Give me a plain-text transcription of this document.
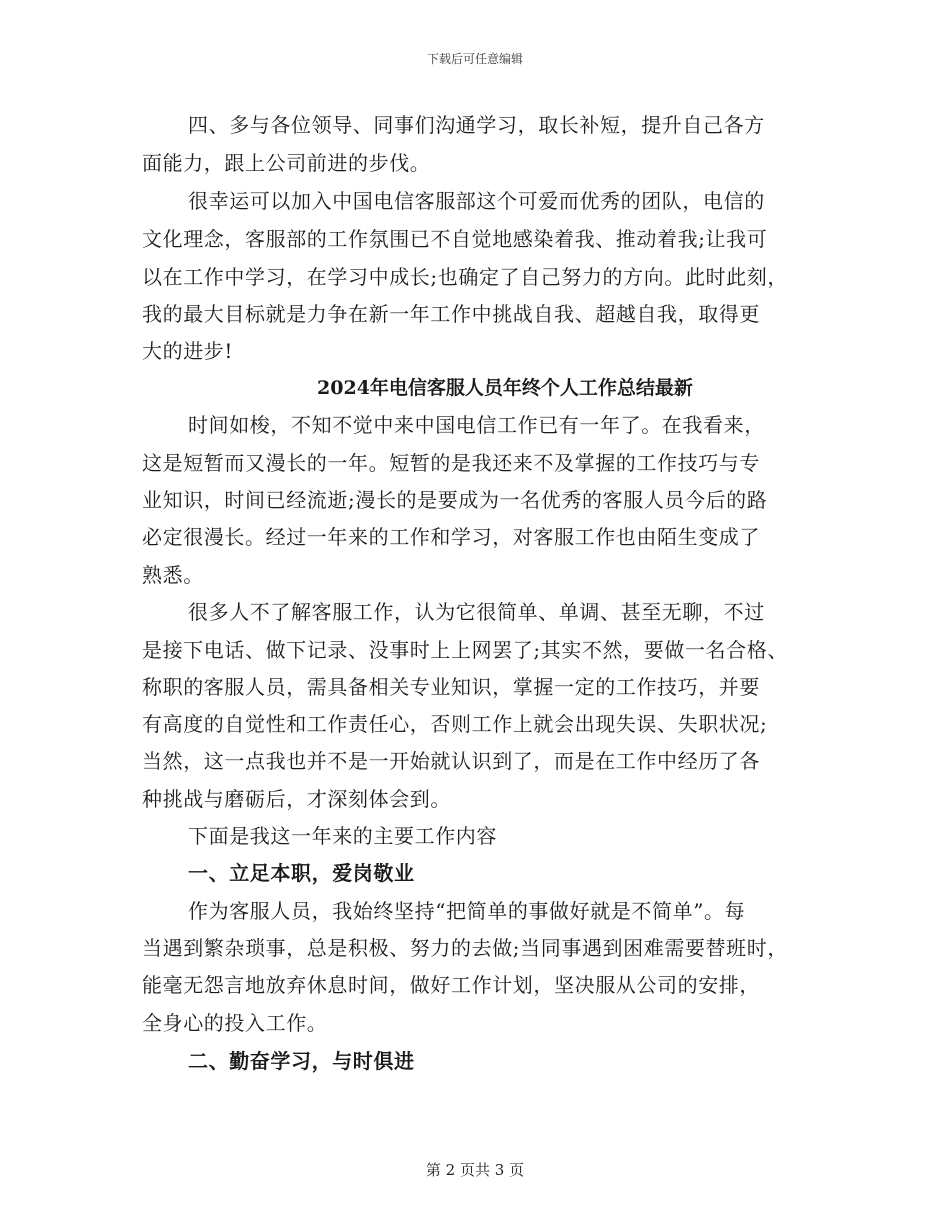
下载后可任意编辑
四、多与各位领导、同事们沟通学习，取长补短，提升自己各方
面能力，跟上公司前进的步伐。
很幸运可以加入中国电信客服部这个可爱而优秀的团队，电信的
文化理念，客服部的工作氛围已不自觉地感染着我、推动着我;让我可
以在工作中学习，在学习中成长;也确定了自己努力的方向。此时此刻，
我的最大目标就是力争在新一年工作中挑战自我、超越自我，取得更
大的进步!
2024年电信客服人员年终个人工作总结最新
时间如梭，不知不觉中来中国电信工作已有一年了。在我看来，
这是短暂而又漫长的一年。短暂的是我还来不及掌握的工作技巧与专
业知识，时间已经流逝;漫长的是要成为一名优秀的客服人员今后的路
必定很漫长。经过一年来的工作和学习，对客服工作也由陌生变成了
熟悉。
很多人不了解客服工作，认为它很简单、单调、甚至无聊，不过
是接下电话、做下记录、没事时上上网罢了;其实不然，要做一名合格、
称职的客服人员，需具备相关专业知识，掌握一定的工作技巧，并要
有高度的自觉性和工作责任心，否则工作上就会出现失误、失职状况;
当然，这一点我也并不是一开始就认识到了，而是在工作中经历了各
种挑战与磨砺后，才深刻体会到。
下面是我这一年来的主要工作内容
一、立足本职，爱岗敬业
作为客服人员，我始终坚持“把简单的事做好就是不简单”。每
当遇到繁杂琐事，总是积极、努力的去做;当同事遇到困难需要替班时，
能毫无怨言地放弃休息时间，做好工作计划，坚决服从公司的安排，
全身心的投入工作。
二、勤奋学习，与时俱进
第 2 页共 3 页
